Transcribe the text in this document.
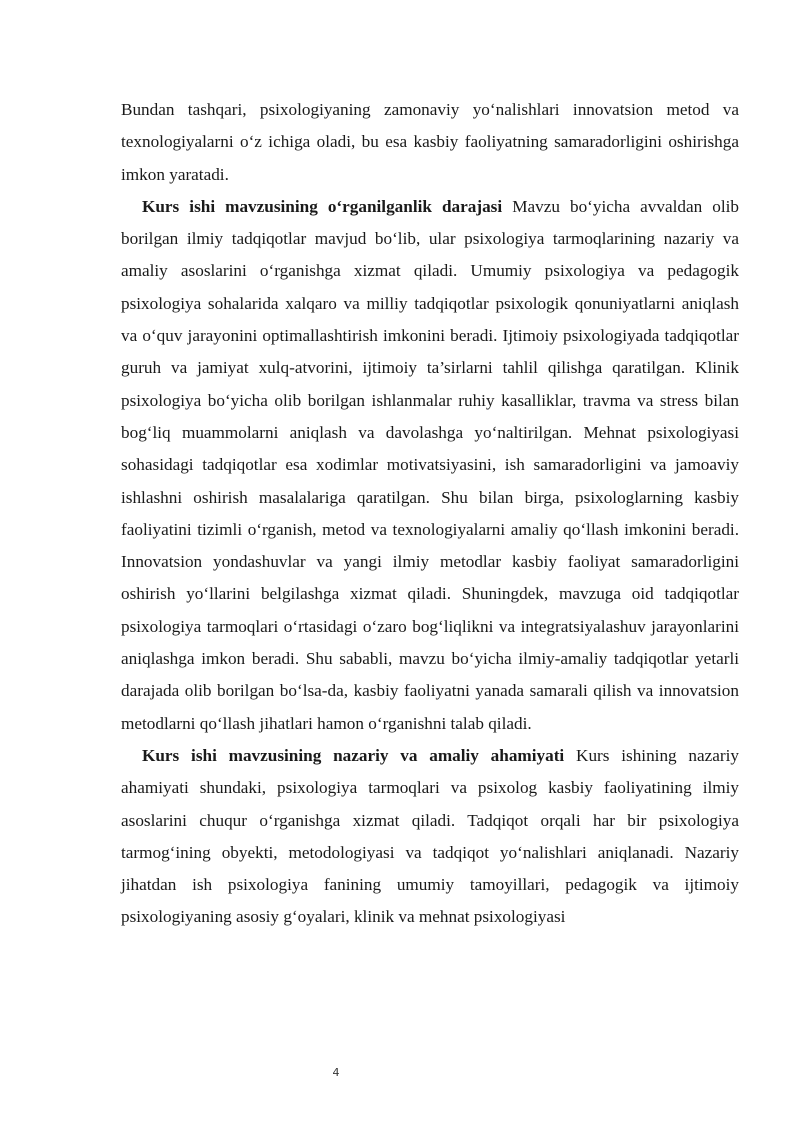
Bundan tashqari, psixologiyaning zamonaviy yo‘nalishlari innovatsion metod va texnologiyalarni o‘z ichiga oladi, bu esa kasbiy faoliyatning samaradorligini oshirishga imkon yaratadi.

Kurs ishi mavzusining o‘rganilganlik darajasi Mavzu bo‘yicha avvaldan olib borilgan ilmiy tadqiqotlar mavjud bo‘lib, ular psixologiya tarmoqlarining nazariy va amaliy asoslarini o‘rganishga xizmat qiladi. Umumiy psixologiya va pedagogik psixologiya sohalarida xalqaro va milliy tadqiqotlar psixologik qonuniyatlarni aniqlash va o‘quv jarayonini optimallashtirish imkonini beradi. Ijtimoiy psixologiyada tadqiqotlar guruh va jamiyat xulq-atvorini, ijtimoiy ta’sirlarni tahlil qilishga qaratilgan. Klinik psixologiya bo‘yicha olib borilgan ishlanmalar ruhiy kasalliklar, travma va stress bilan bog‘liq muammolarni aniqlash va davolashga yo‘naltirilgan. Mehnat psixologiyasi sohasidagi tadqiqotlar esa xodimlar motivatsiyasini, ish samaradorligini va jamoaviy ishlashni oshirish masalalariga qaratilgan. Shu bilan birga, psixologlarning kasbiy faoliyatini tizimli o‘rganish, metod va texnologiyalarni amaliy qo‘llash imkonini beradi. Innovatsion yondashuvlar va yangi ilmiy metodlar kasbiy faoliyat samaradorligini oshirish yo‘llarini belgilashga xizmat qiladi. Shuningdek, mavzuga oid tadqiqotlar psixologiya tarmoqlari o‘rtasidagi o‘zaro bog‘liqlikni va integratsiyalashuv jarayonlarini aniqlashga imkon beradi. Shu sababli, mavzu bo‘yicha ilmiy-amaliy tadqiqotlar yetarli darajada olib borilgan bo‘lsa-da, kasbiy faoliyatni yanada samarali qilish va innovatsion metodlarni qo‘llash jihatlari hamon o‘rganishni talab qiladi.

Kurs ishi mavzusining nazariy va amaliy ahamiyati Kurs ishining nazariy ahamiyati shundaki, psixologiya tarmoqlari va psixolog kasbiy faoliyatining ilmiy asoslarini chuqur o‘rganishga xizmat qiladi. Tadqiqot orqali har bir psixologiya tarmog‘ining obyekti, metodologiyasi va tadqiqot yo‘nalishlari aniqlanadi. Nazariy jihatdan ish psixologiya fanining umumiy tamoyillari, pedagogik va ijtimoiy psixologiyaning asosiy g‘oyalari, klinik va mehnat psixologiyasi

4
